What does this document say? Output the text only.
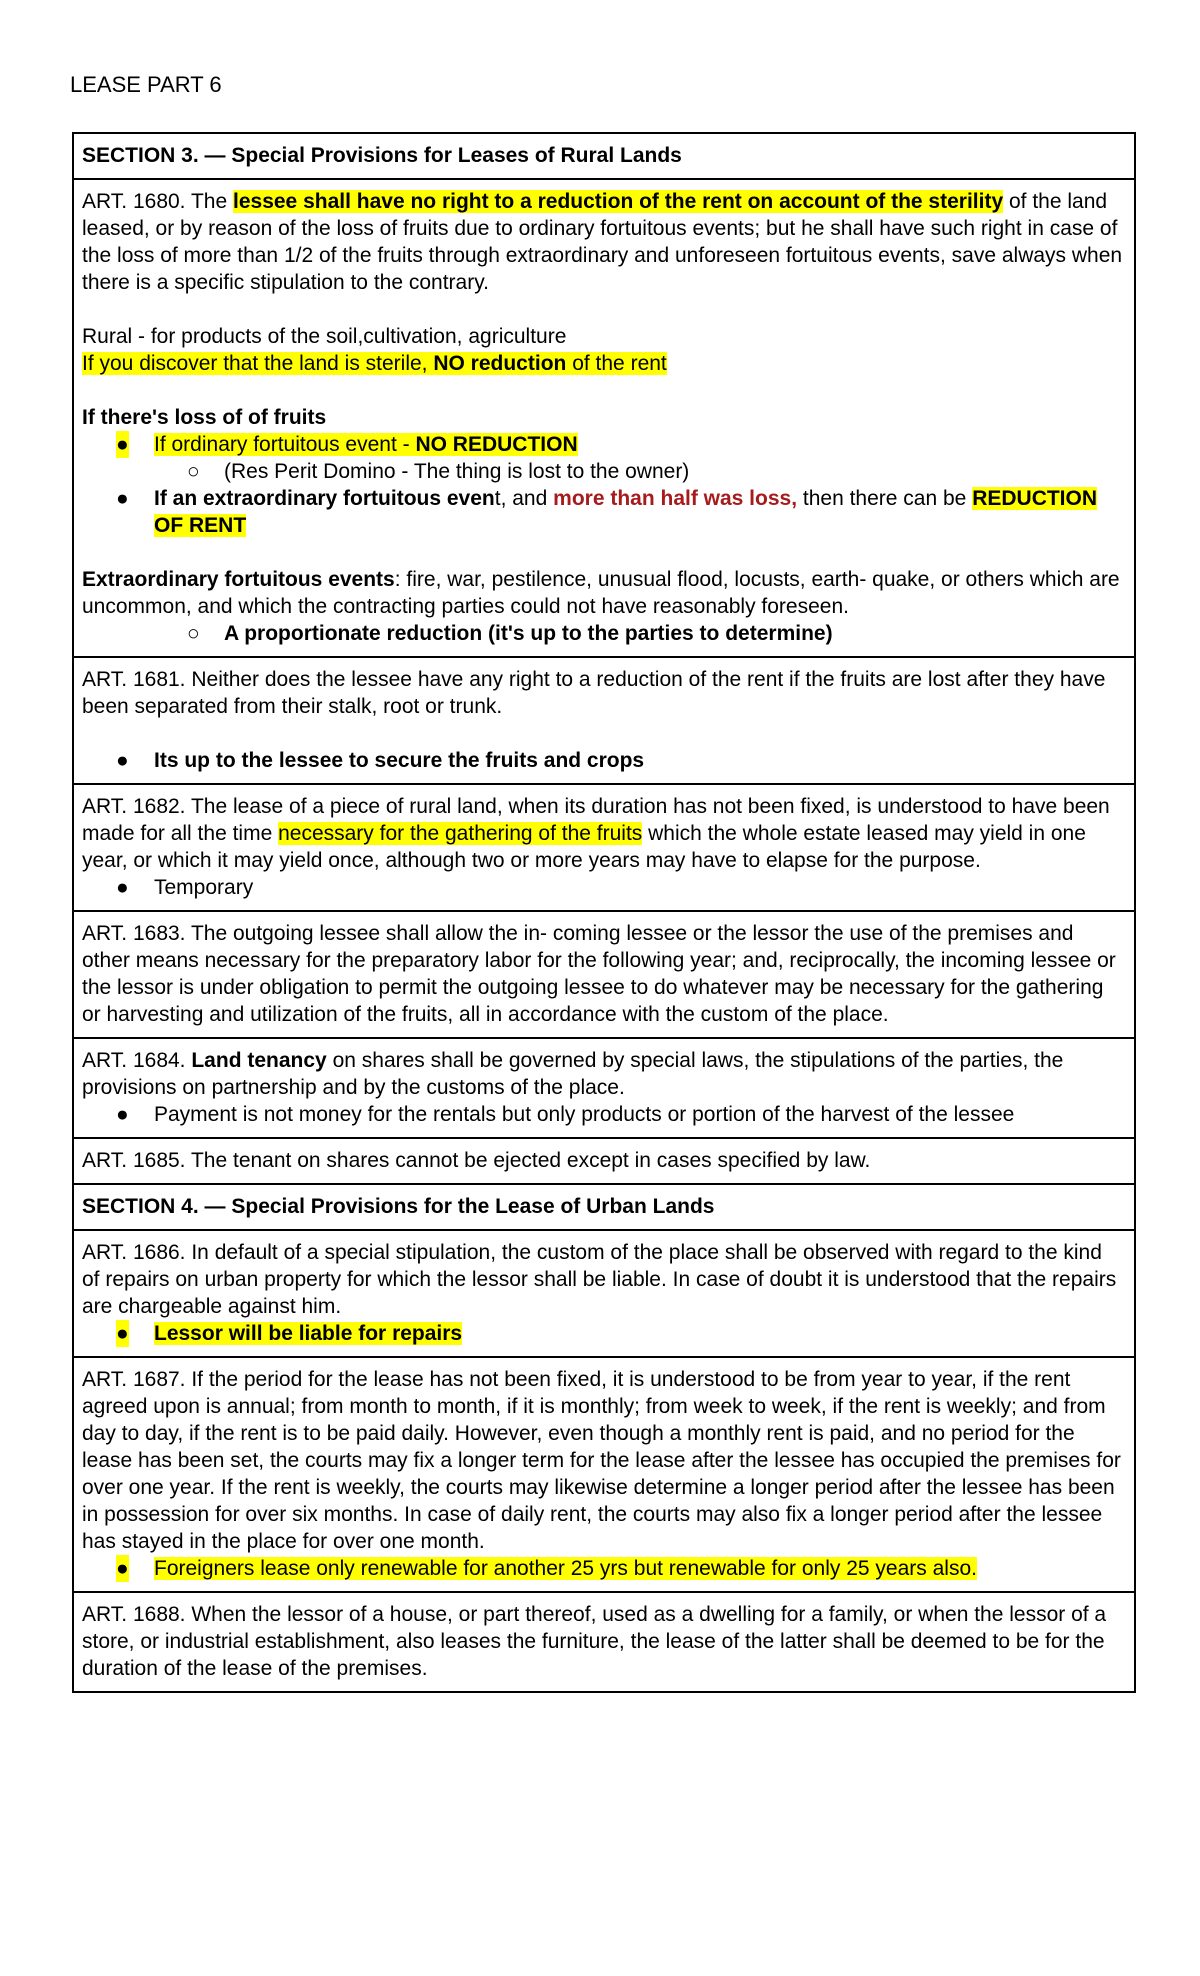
LEASE PART 6
SECTION 3. — Special Provisions for Leases of Rural Lands

ART. 1680. The lessee shall have no right to a reduction of the rent on account of the sterility of the land leased, or by reason of the loss of fruits due to ordinary fortuitous events; but he shall have such right in case of the loss of more than 1/2 of the fruits through extraordinary and unforeseen fortuitous events, save always when there is a specific stipulation to the contrary.

Rural - for products of the soil,cultivation, agriculture

If you discover that the land is sterile, NO reduction of the rent

If there's loss of of fruits

● If ordinary fortuitous event - NO REDUCTION
○ (Res Perit Domino - The thing is lost to the owner)
● If an extraordinary fortuitous event, and more than half was loss, then there can be REDUCTION OF RENT

Extraordinary fortuitous events: fire, war, pestilence, unusual flood, locusts, earth- quake, or others which are uncommon, and which the contracting parties could not have reasonably foreseen.

○ A proportionate reduction (it's up to the parties to determine)

ART. 1681. Neither does the lessee have any right to a reduction of the rent if the fruits are lost after they have been separated from their stalk, root or trunk.

● Its up to the lessee to secure the fruits and crops

ART. 1682. The lease of a piece of rural land, when its duration has not been fixed, is understood to have been made for all the time necessary for the gathering of the fruits which the whole estate leased may yield in one year, or which it may yield once, although two or more years may have to elapse for the purpose.

● Temporary

ART. 1683. The outgoing lessee shall allow the in- coming lessee or the lessor the use of the premises and other means necessary for the preparatory labor for the following year; and, reciprocally, the incoming lessee or the lessor is under obligation to permit the outgoing lessee to do whatever may be necessary for the gathering or harvesting and utilization of the fruits, all in accordance with the custom of the place.

ART. 1684. Land tenancy on shares shall be governed by special laws, the stipulations of the parties, the provisions on partnership and by the customs of the place.

● Payment is not money for the rentals but only products or portion of the harvest of the lessee

ART. 1685. The tenant on shares cannot be ejected except in cases specified by law.

SECTION 4. — Special Provisions for the Lease of Urban Lands

ART. 1686. In default of a special stipulation, the custom of the place shall be observed with regard to the kind of repairs on urban property for which the lessor shall be liable. In case of doubt it is understood that the repairs are chargeable against him.

● Lessor will be liable for repairs

ART. 1687. If the period for the lease has not been fixed, it is understood to be from year to year, if the rent agreed upon is annual; from month to month, if it is monthly; from week to week, if the rent is weekly; and from day to day, if the rent is to be paid daily. However, even though a monthly rent is paid, and no period for the lease has been set, the courts may fix a longer term for the lease after the lessee has occupied the premises for over one year. If the rent is weekly, the courts may likewise determine a longer period after the lessee has been in possession for over six months. In case of daily rent, the courts may also fix a longer period after the lessee has stayed in the place for over one month.

● Foreigners lease only renewable for another 25 yrs but renewable for only 25 years also.

ART. 1688. When the lessor of a house, or part thereof, used as a dwelling for a family, or when the lessor of a store, or industrial establishment, also leases the furniture, the lease of the latter shall be deemed to be for the duration of the lease of the premises.
